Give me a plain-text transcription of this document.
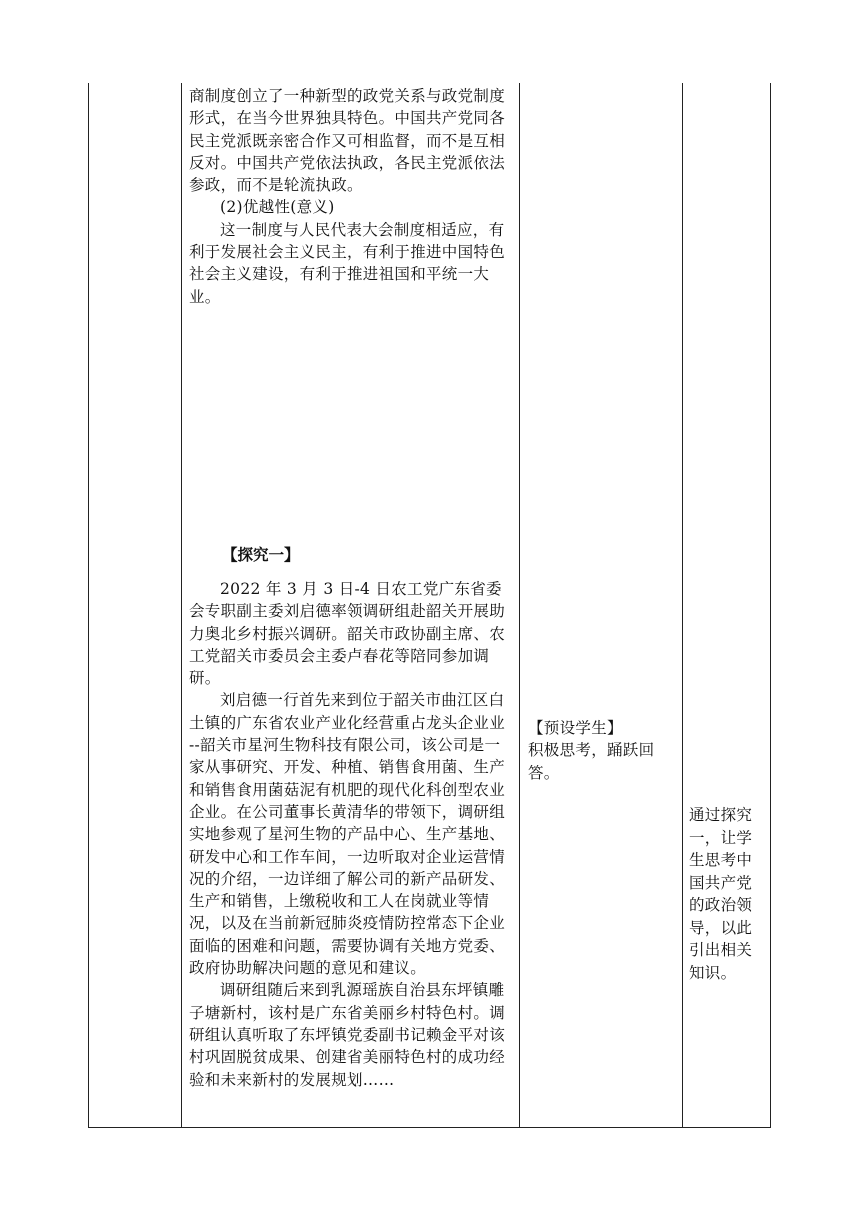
商制度创立了一种新型的政党关系与政党制度形式，在当今世界独具特色。中国共产党同各民主党派既亲密合作又可相监督，而不是互相反对。中国共产党依法执政，各民主党派依法参政，而不是轮流执政。

(2)优越性(意义)

这一制度与人民代表大会制度相适应，有利于发展社会主义民主，有利于推进中国特色社会主义建设，有利于推进祖国和平统一大业。

【探究一】

2022 年 3 月 3 日-4 日农工党广东省委会专职副主委刘启德率领调研组赴韶关开展助力奥北乡村振兴调研。韶关市政协副主席、农工党韶关市委员会主委卢春花等陪同参加调研。

刘启德一行首先来到位于韶关市曲江区白土镇的广东省农业产业化经营重占龙头企业业 --韶关市星河生物科技有限公司，该公司是一家从事研究、开发、种植、销售食用菌、生产和销售食用菌菇泥有机肥的现代化科创型农业企业。在公司董事长黄清华的带领下，调研组实地参观了星河生物的产品中心、生产基地、研发中心和工作车间，一边听取对企业运营情况的介绍，一边详细了解公司的新产品研发、生产和销售，上缴税收和工人在岗就业等情况，以及在当前新冠肺炎疫情防控常态下企业面临的困难和问题，需要协调有关地方党委、政府协助解决问题的意见和建议。

调研组随后来到乳源瑶族自治县东坪镇雕子塘新村，该村是广东省美丽乡村特色村。调研组认真听取了东坪镇党委副书记赖金平对该村巩固脱贫成果、创建省美丽特色村的成功经验和未来新村的发展规划……

【预设学生】

积极思考，踊跃回答。

通过探究一，让学生思考中国共产党的政治领导，以此引出相关知识。
